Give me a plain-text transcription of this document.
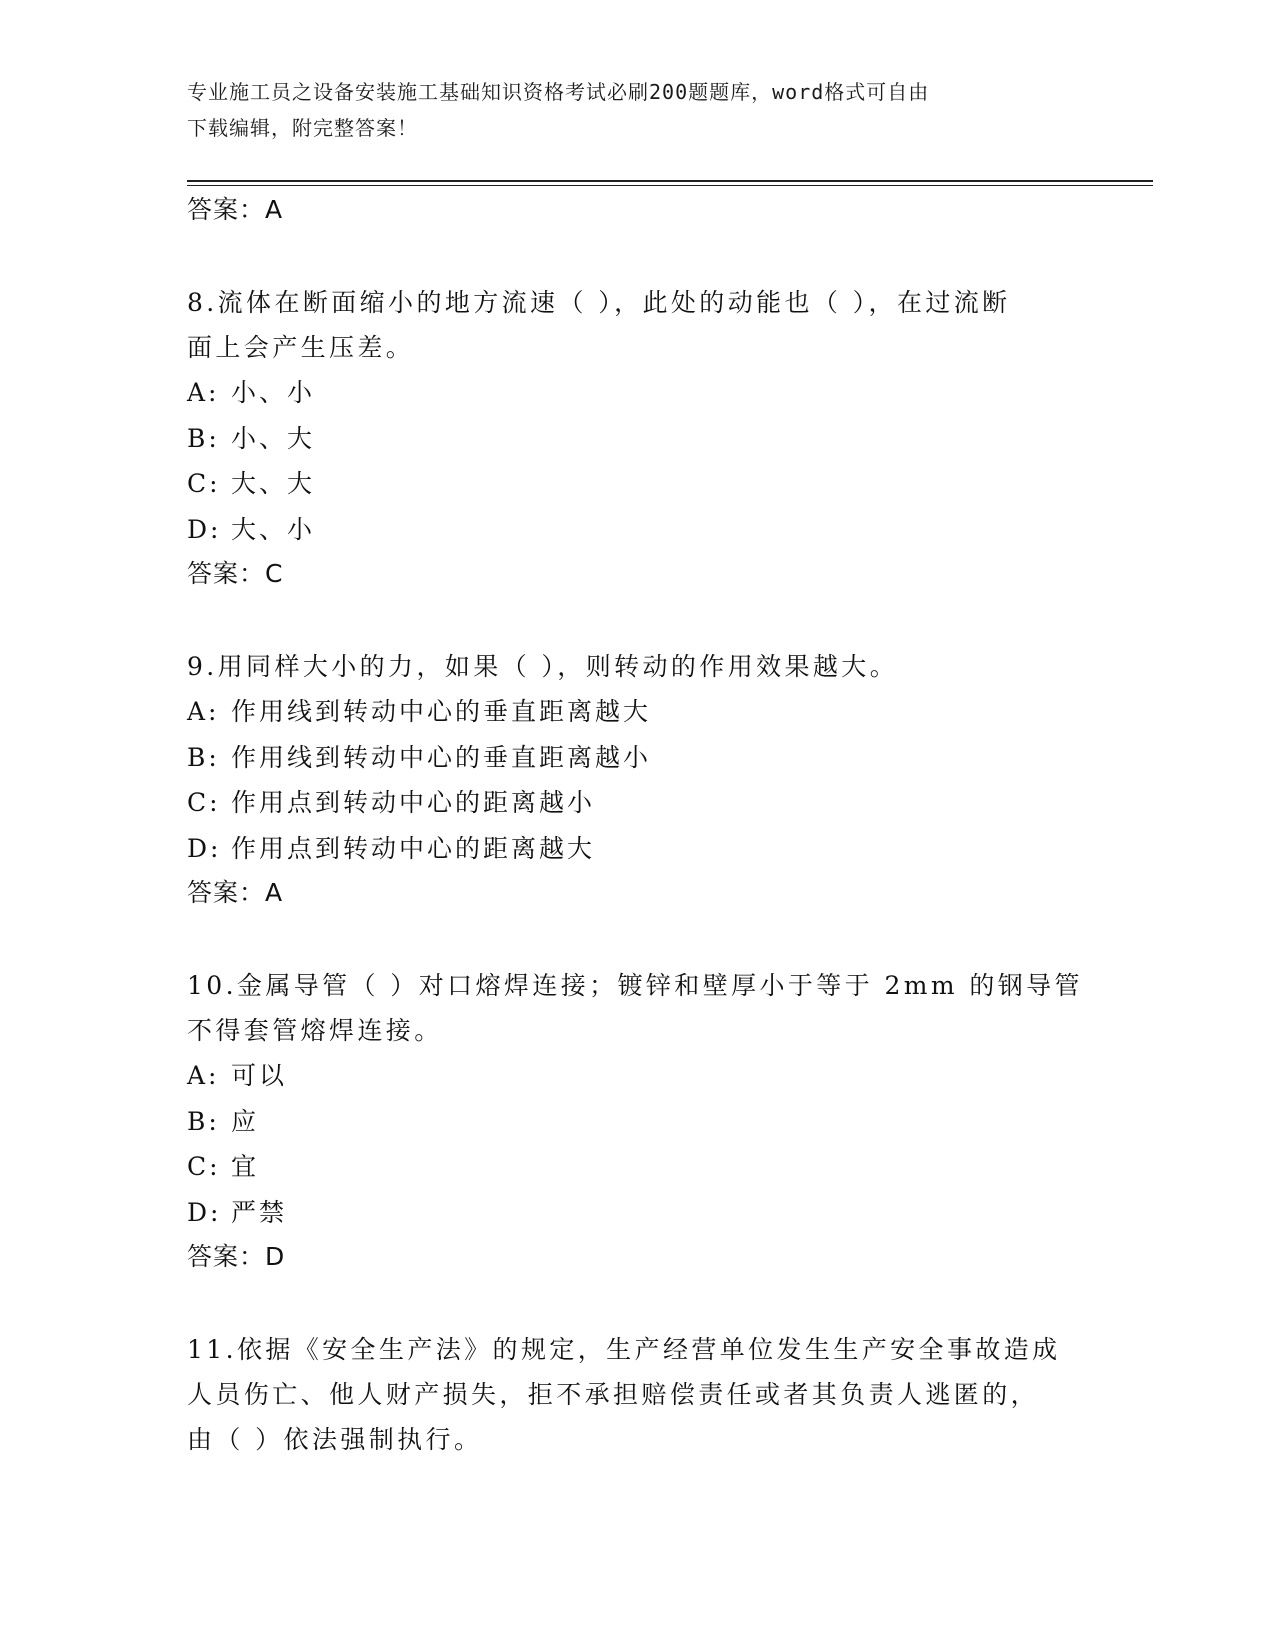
专业施工员之设备安装施工基础知识资格考试必刷200题题库，word格式可自由
下载编辑，附完整答案！
答案：A
8.流体在断面缩小的地方流速（ ），此处的动能也（ ），在过流断
面上会产生压差。
A: 小、小
B: 小、大
C: 大、大
D: 大、小
答案：C
9.用同样大小的力，如果（ ），则转动的作用效果越大。
A: 作用线到转动中心的垂直距离越大
B: 作用线到转动中心的垂直距离越小
C: 作用点到转动中心的距离越小
D: 作用点到转动中心的距离越大
答案：A
10.金属导管（ ）对口熔焊连接；镀锌和壁厚小于等于 2mm 的钢导管
不得套管熔焊连接。
A: 可以
B: 应
C: 宜
D: 严禁
答案：D
11.依据《安全生产法》的规定，生产经营单位发生生产安全事故造成
人员伤亡、他人财产损失，拒不承担赔偿责任或者其负责人逃匿的，
由（ ）依法强制执行。
